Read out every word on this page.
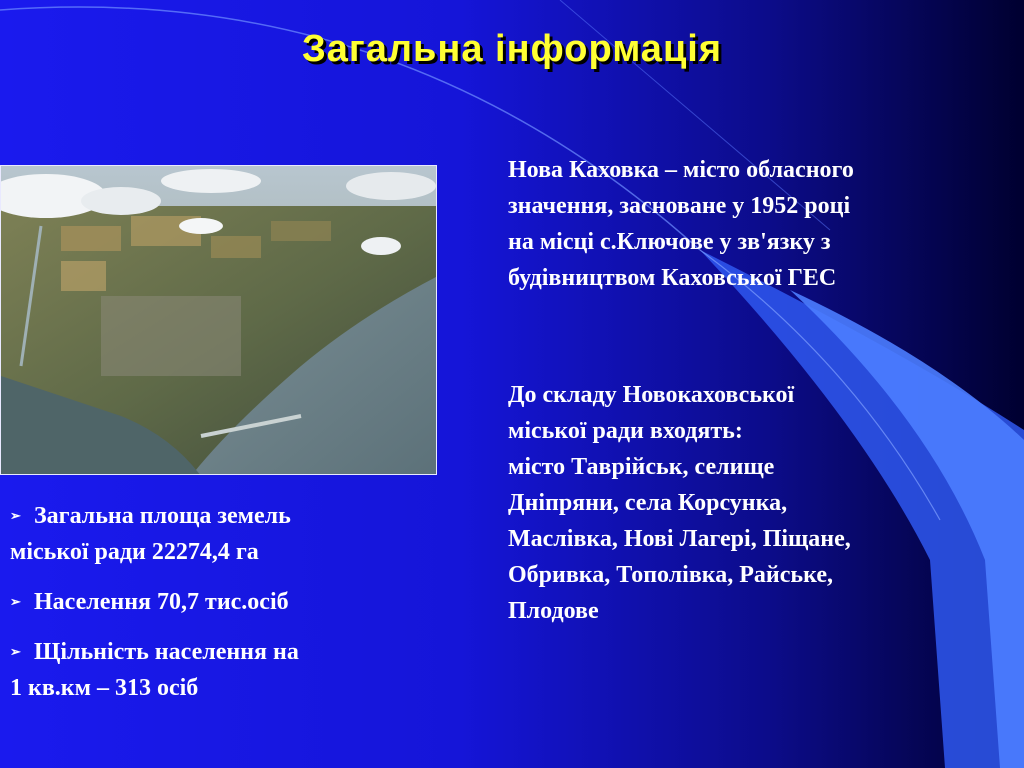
Загальна інформація
➢ Загальна площа земель
міської ради 22274,4 га
➢ Населення 70,7 тис.осіб
➢ Щільність населення на
1 кв.км – 313 осіб
Нова Каховка – місто обласного
значення, засноване у 1952 році
на місці с.Ключове у зв'язку з
будівництвом Каховської ГЕС
До складу Новокаховської
міської ради входять:
місто Таврійськ, селище
Дніпряни, села Корсунка,
Маслівка, Нові Лагері, Піщане,
Обривка, Тополівка, Райське,
Плодове
